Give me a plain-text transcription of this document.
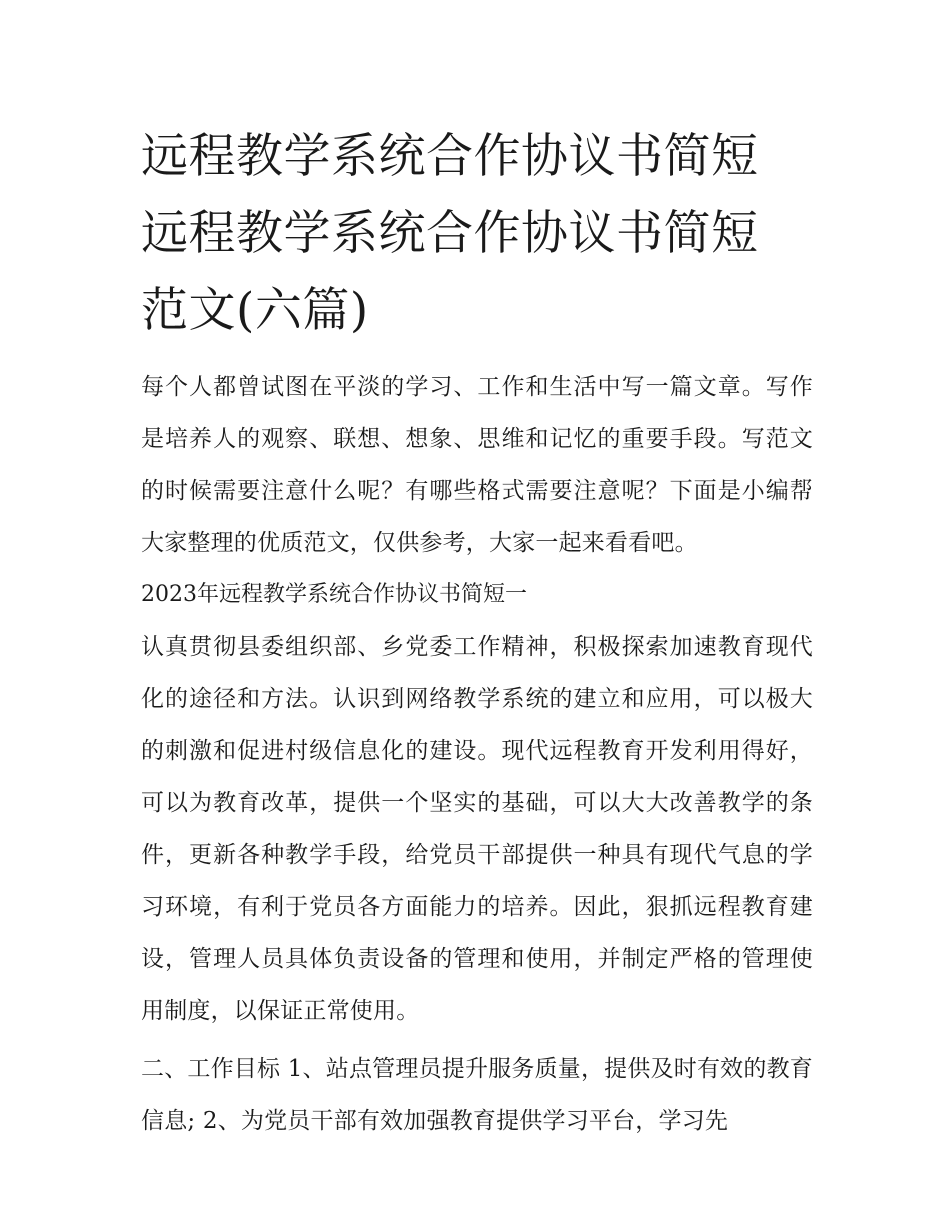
远程教学系统合作协议书简短
远程教学系统合作协议书简短
范文(六篇)

每个人都曾试图在平淡的学习、工作和生活中写一篇文章。写作是培养人的观察、联想、想象、思维和记忆的重要手段。写范文的时候需要注意什么呢？有哪些格式需要注意呢？下面是小编帮大家整理的优质范文，仅供参考，大家一起来看看吧。

2023年远程教学系统合作协议书简短一

认真贯彻县委组织部、乡党委工作精神，积极探索加速教育现代化的途径和方法。认识到网络教学系统的建立和应用，可以极大的刺激和促进村级信息化的建设。现代远程教育开发利用得好，可以为教育改革，提供一个坚实的基础，可以大大改善教学的条件，更新各种教学手段，给党员干部提供一种具有现代气息的学习环境，有利于党员各方面能力的培养。因此，狠抓远程教育建设，管理人员具体负责设备的管理和使用，并制定严格的管理使用制度，以保证正常使用。

二、工作目标 1、站点管理员提升服务质量，提供及时有效的教育信息; 2、为党员干部有效加强教育提供学习平台，学习先
